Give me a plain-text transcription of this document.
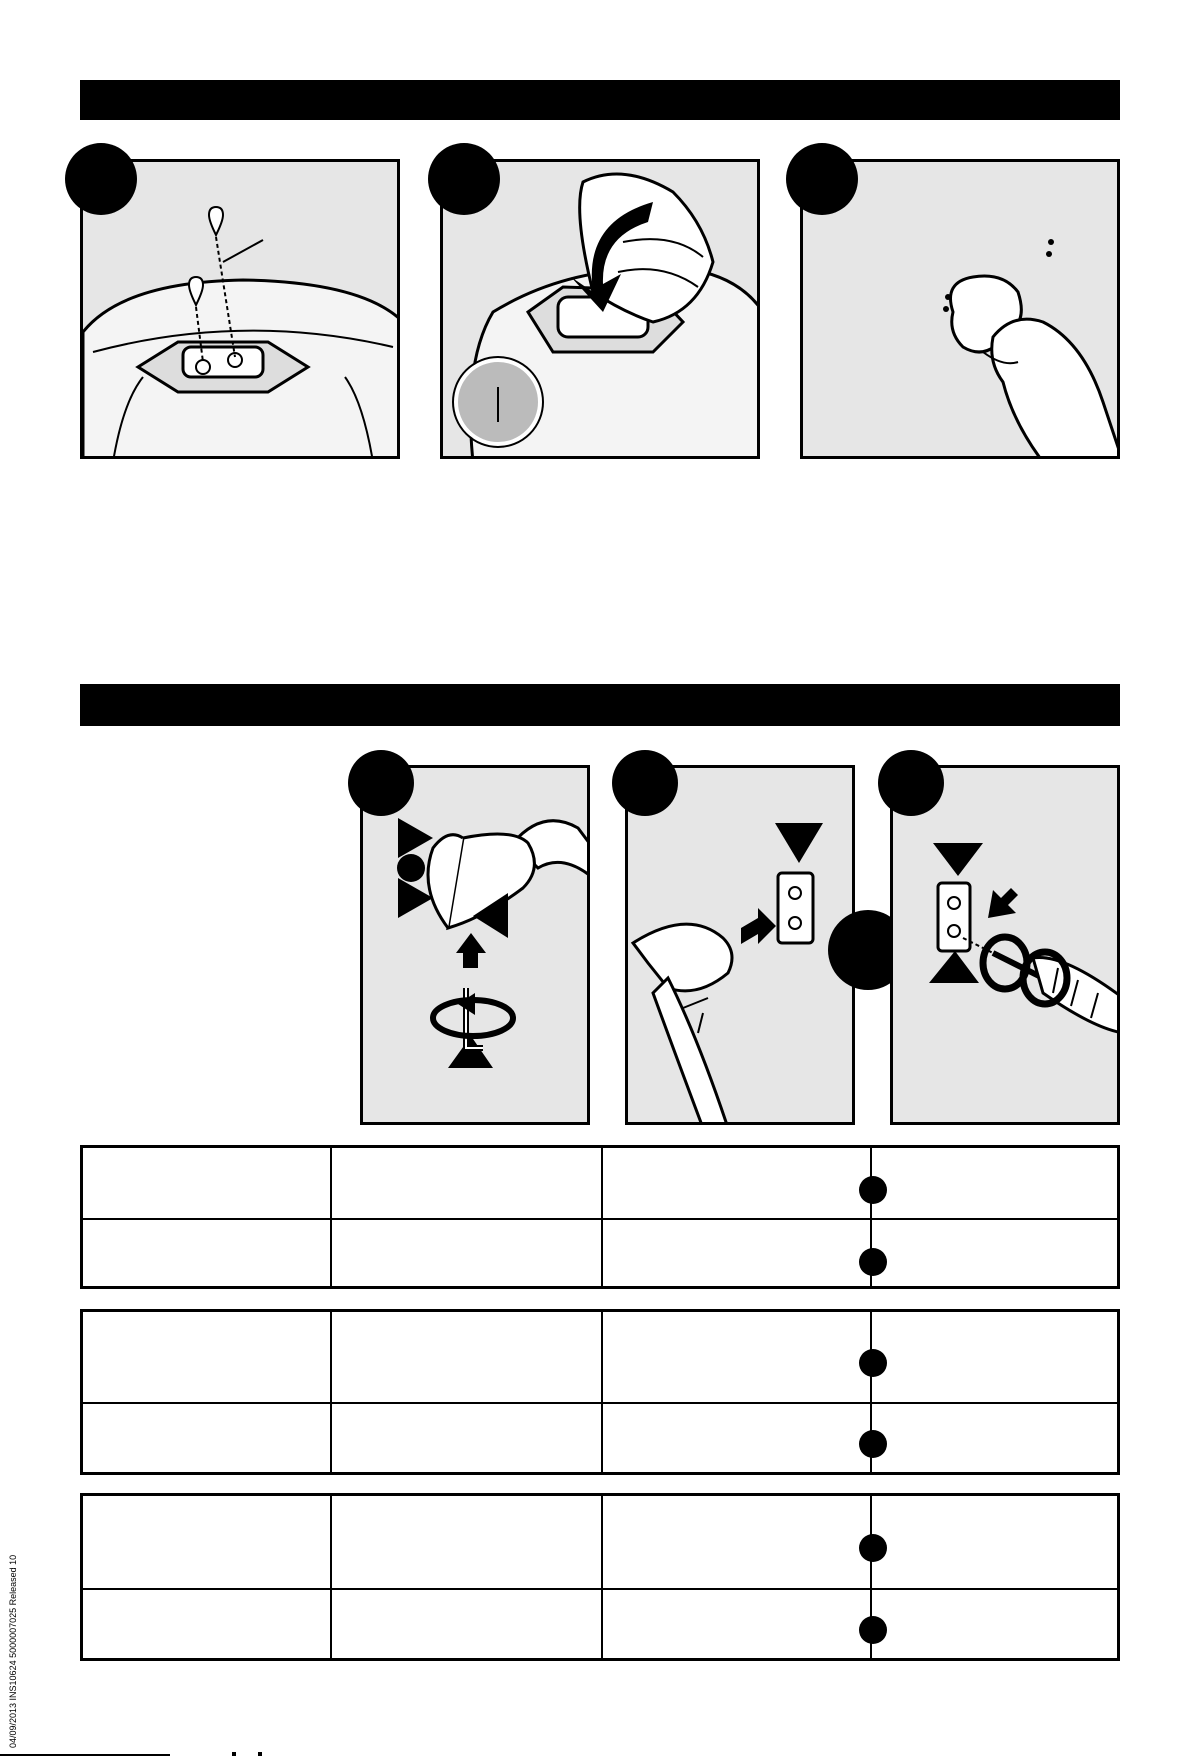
04/09/2013 INS10624 5000007025 Released 10
